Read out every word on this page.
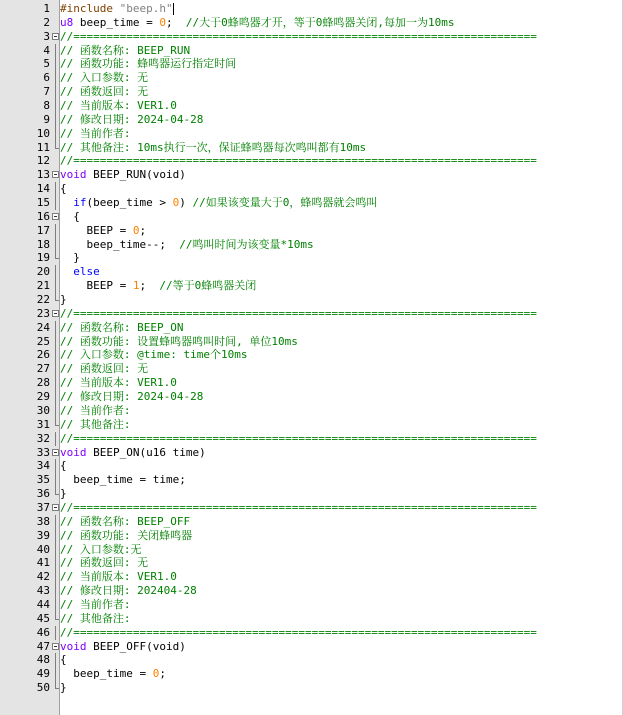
1 #include "beep.h"
2 u8 beep_time = 0;  //大于0蜂鸣器才开，等于0蜂鸣器关闭,每加一为10ms
3 //======================================================================
4 // 函数名称: BEEP_RUN
5 // 函数功能: 蜂鸣器运行指定时间
6 // 入口参数: 无
7 // 函数返回: 无
8 // 当前版本: VER1.0
9 // 修改日期: 2024-04-28
10 // 当前作者:
11 // 其他备注: 10ms执行一次，保证蜂鸣器每次鸣叫都有10ms
12 //======================================================================
13 void BEEP_RUN(void)
14 {
15	if(beep_time > 0) //如果该变量大于0，蜂鸣器就会鸣叫
16 {
17 BEEP = 0;
18 beep_time--;  //鸣叫时间为该变量*10ms
19 }
20	else
21 BEEP = 1;  //等于0蜂鸣器关闭
22 }
23 //======================================================================
24 // 函数名称: BEEP_ON
25 // 函数功能: 设置蜂鸣器鸣叫时间, 单位10ms
26 // 入口参数: @time: time个10ms
27 // 函数返回: 无
28 // 当前版本: VER1.0
29 // 修改日期: 2024-04-28
30 // 当前作者:
31 // 其他备注:
32 //======================================================================
33 void BEEP_ON(u16 time)
34 {
35 beep_time = time;
36 }
37 //======================================================================
38 // 函数名称: BEEP_OFF
39 // 函数功能: 关闭蜂鸣器
40 // 入口参数:无
41 // 函数返回: 无
42 // 当前版本: VER1.0
43 // 修改日期: 202404-28
44 // 当前作者:
45 // 其他备注:
46 //======================================================================
47 void BEEP_OFF(void)
48 {
49 beep_time = 0;
50 }
